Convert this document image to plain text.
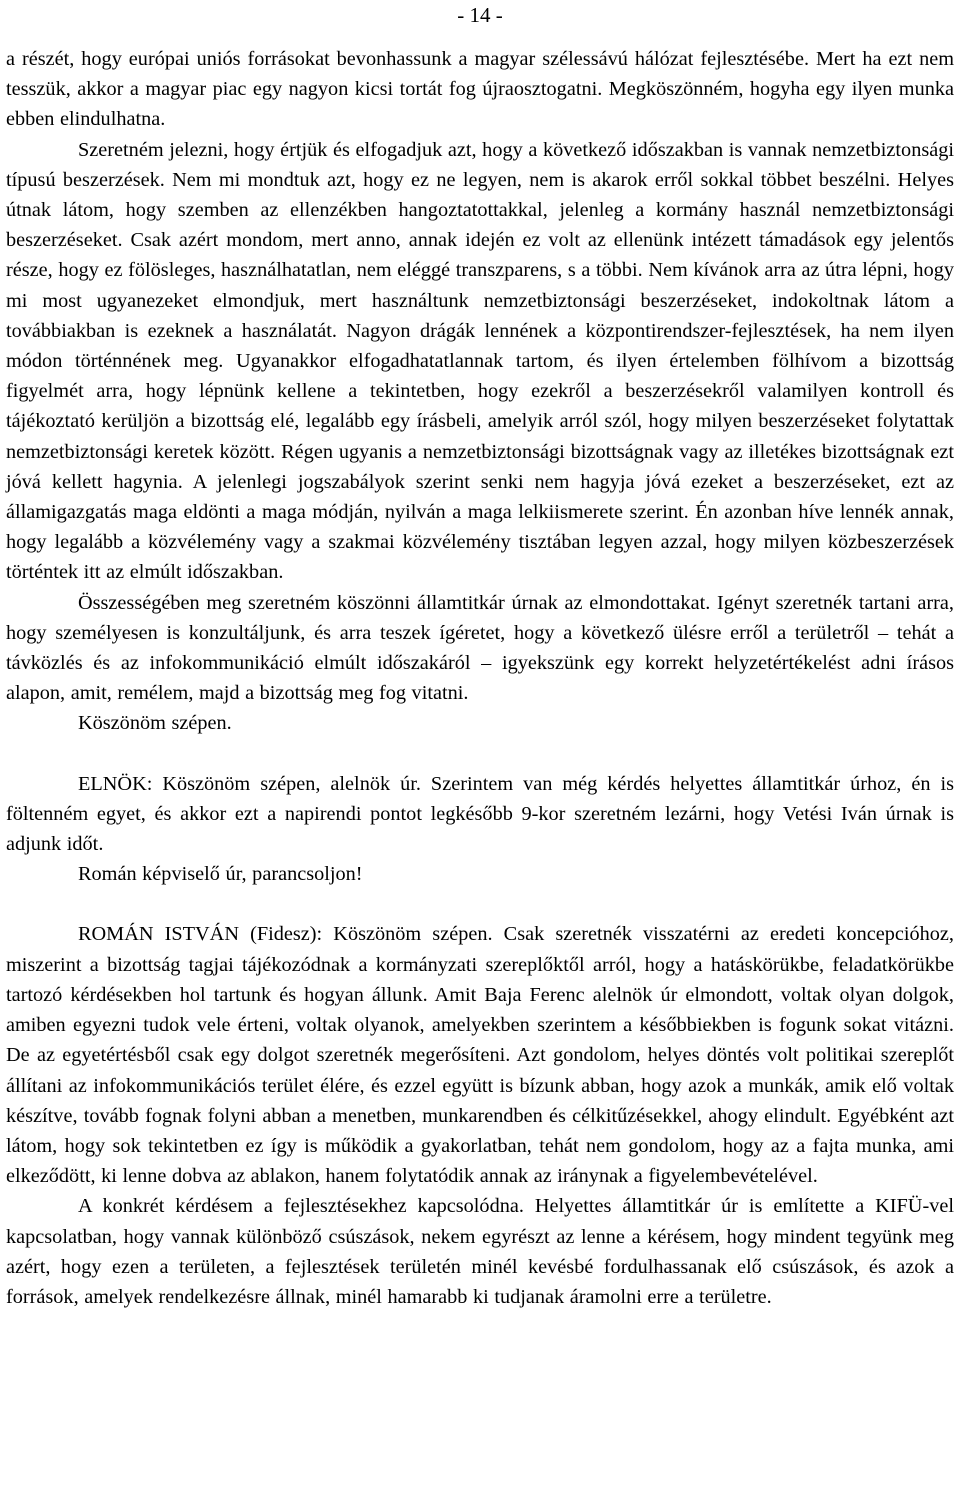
- 14 -

a részét, hogy európai uniós forrásokat bevonhassunk a magyar szélessávú hálózat fejlesztésébe. Mert ha ezt nem tesszük, akkor a magyar piac egy nagyon kicsi tortát fog újraosztogatni. Megköszönném, hogyha egy ilyen munka ebben elindulhatna.

Szeretném jelezni, hogy értjük és elfogadjuk azt, hogy a következő időszakban is vannak nemzetbiztonsági típusú beszerzések. Nem mi mondtuk azt, hogy ez ne legyen, nem is akarok erről sokkal többet beszélni. Helyes útnak látom, hogy szemben az ellenzékben hangoztatottakkal, jelenleg a kormány használ nemzetbiztonsági beszerzéseket. Csak azért mondom, mert anno, annak idején ez volt az ellenünk intézett támadások egy jelentős része, hogy ez fölösleges, használhatatlan, nem eléggé transzparens, s a többi. Nem kívánok arra az útra lépni, hogy mi most ugyanezeket elmondjuk, mert használtunk nemzetbiztonsági beszerzéseket, indokoltnak látom a továbbiakban is ezeknek a használatát. Nagyon drágák lennének a központirendszer-fejlesztések, ha nem ilyen módon történnének meg. Ugyanakkor elfogadhatatlannak tartom, és ilyen értelemben fölhívom a bizottság figyelmét arra, hogy lépnünk kellene a tekintetben, hogy ezekről a beszerzésekről valamilyen kontroll és tájékoztató kerüljön a bizottság elé, legalább egy írásbeli, amelyik arról szól, hogy milyen beszerzéseket folytattak nemzetbiztonsági keretek között. Régen ugyanis a nemzetbiztonsági bizottságnak vagy az illetékes bizottságnak ezt jóvá kellett hagynia. A jelenlegi jogszabályok szerint senki nem hagyja jóvá ezeket a beszerzéseket, ezt az államigazgatás maga eldönti a maga módján, nyilván a maga lelkiismerete szerint. Én azonban híve lennék annak, hogy legalább a közvélemény vagy a szakmai közvélemény tisztában legyen azzal, hogy milyen közbeszerzések történtek itt az elmúlt időszakban.

Összességében meg szeretném köszönni államtitkár úrnak az elmondottakat. Igényt szeretnék tartani arra, hogy személyesen is konzultáljunk, és arra teszek ígéretet, hogy a következő ülésre erről a területről – tehát a távközlés és az infokommunikáció elmúlt időszakáról – igyekszünk egy korrekt helyzetértékelést adni írásos alapon, amit, remélem, majd a bizottság meg fog vitatni.

Köszönöm szépen.

ELNÖK: Köszönöm szépen, alelnök úr. Szerintem van még kérdés helyettes államtitkár úrhoz, én is föltenném egyet, és akkor ezt a napirendi pontot legkésőbb 9-kor szeretném lezárni, hogy Vetési Iván úrnak is adjunk időt.

Román képviselő úr, parancsoljon!

ROMÁN ISTVÁN (Fidesz): Köszönöm szépen. Csak szeretnék visszatérni az eredeti koncepcióhoz, miszerint a bizottság tagjai tájékozódnak a kormányzati szereplőktől arról, hogy a hatáskörükbe, feladatkörükbe tartozó kérdésekben hol tartunk és hogyan állunk. Amit Baja Ferenc alelnök úr elmondott, voltak olyan dolgok, amiben egyezni tudok vele érteni, voltak olyanok, amelyekben szerintem a későbbiekben is fogunk sokat vitázni. De az egyetértésből csak egy dolgot szeretnék megerősíteni. Azt gondolom, helyes döntés volt politikai szereplőt állítani az infokommunikációs terület élére, és ezzel együtt is bízunk abban, hogy azok a munkák, amik elő voltak készítve, tovább fognak folyni abban a menetben, munkarendben és célkitűzésekkel, ahogy elindult. Egyébként azt látom, hogy sok tekintetben ez így is működik a gyakorlatban, tehát nem gondolom, hogy az a fajta munka, ami elkeződött, ki lenne dobva az ablakon, hanem folytatódik annak az iránynak a figyelembevételével.

A konkrét kérdésem a fejlesztésekhez kapcsolódna. Helyettes államtitkár úr is említette a KIFÜ-vel kapcsolatban, hogy vannak különböző csúszások, nekem egyrészt az lenne a kérésem, hogy mindent tegyünk meg azért, hogy ezen a területen, a fejlesztések területén minél kevésbé fordulhassanak elő csúszások, és azok a források, amelyek rendelkezésre állnak, minél hamarabb ki tudjanak áramolni erre a területre.
